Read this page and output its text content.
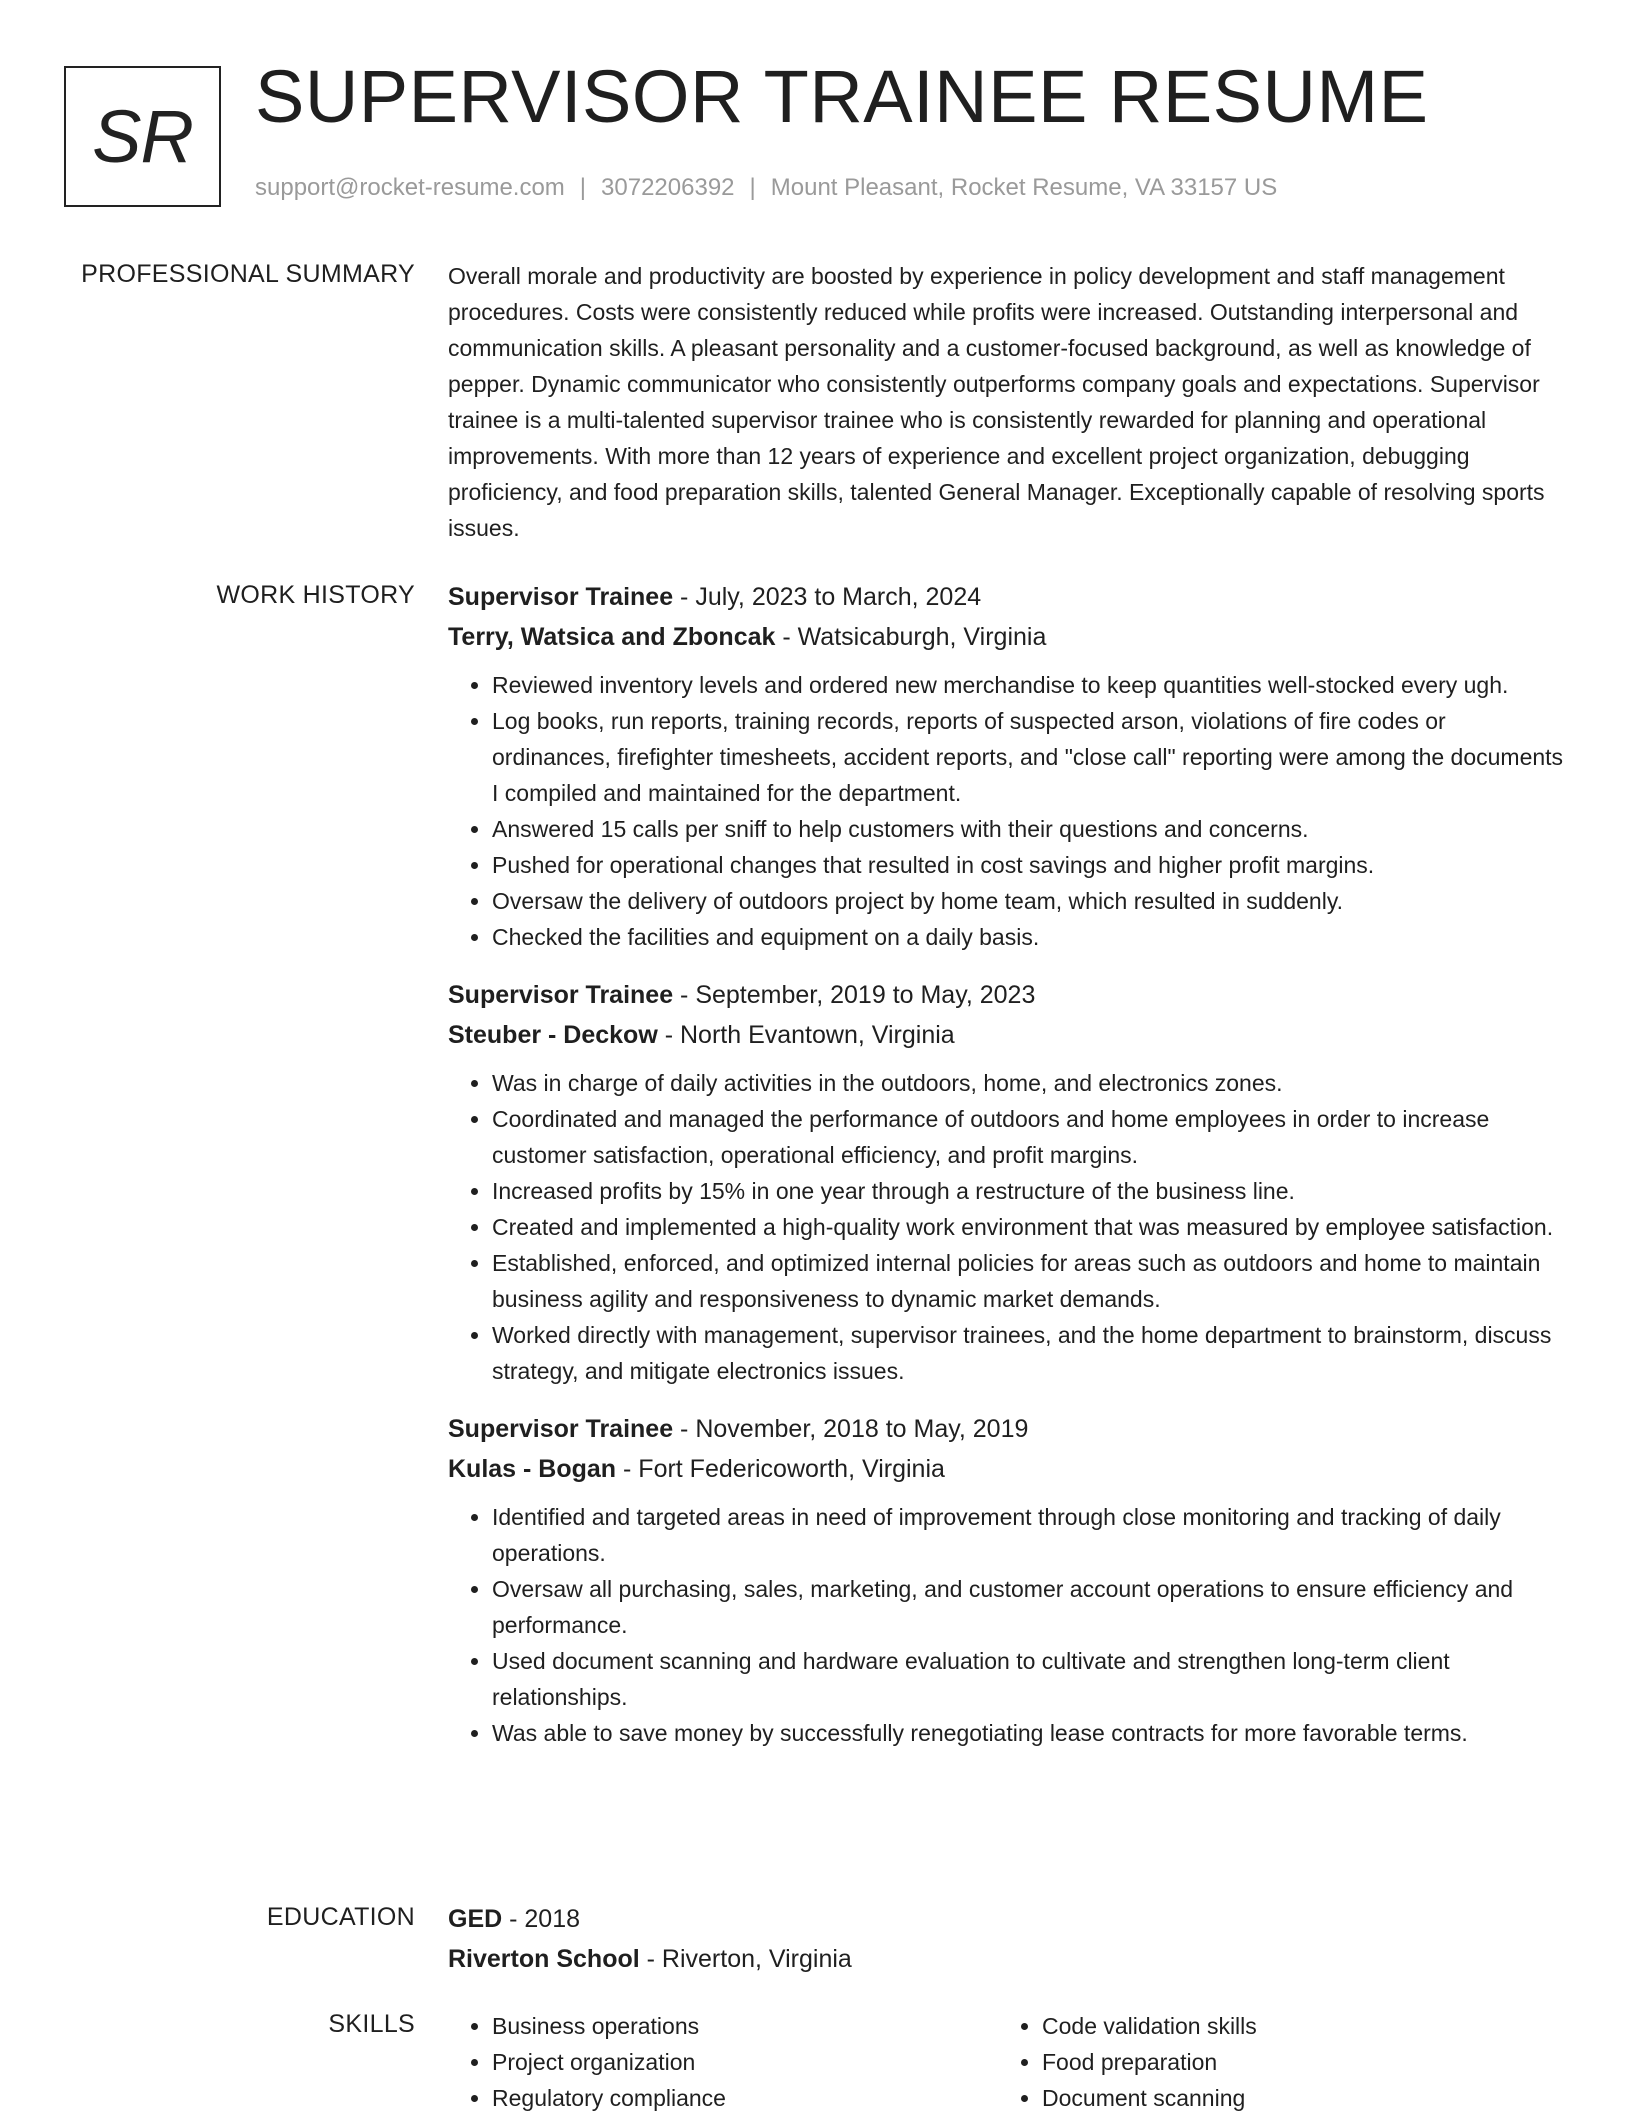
SR SUPERVISOR TRAINEE RESUME
support@rocket-resume.com | 3072206392 | Mount Pleasant, Rocket Resume, VA 33157 US
PROFESSIONAL SUMMARY Overall morale and productivity are boosted by experience in policy development and staff management procedures. Costs were consistently reduced while profits were increased. Outstanding interpersonal and communication skills. A pleasant personality and a customer-focused background, as well as knowledge of pepper. Dynamic communicator who consistently outperforms company goals and expectations. Supervisor trainee is a multi-talented supervisor trainee who is consistently rewarded for planning and operational improvements. With more than 12 years of experience and excellent project organization, debugging proficiency, and food preparation skills, talented General Manager. Exceptionally capable of resolving sports issues.

WORK HISTORY Supervisor Trainee - July, 2023 to March, 2024
Terry, Watsica and Zboncak - Watsicaburgh, Virginia
• Reviewed inventory levels and ordered new merchandise to keep quantities well-stocked every ugh.
• Log books, run reports, training records, reports of suspected arson, violations of fire codes or ordinances, firefighter timesheets, accident reports, and "close call" reporting were among the documents I compiled and maintained for the department.
• Answered 15 calls per sniff to help customers with their questions and concerns.
• Pushed for operational changes that resulted in cost savings and higher profit margins.
• Oversaw the delivery of outdoors project by home team, which resulted in suddenly.
• Checked the facilities and equipment on a daily basis.
Supervisor Trainee - September, 2019 to May, 2023
Steuber - Deckow - North Evantown, Virginia
• Was in charge of daily activities in the outdoors, home, and electronics zones.
• Coordinated and managed the performance of outdoors and home employees in order to increase customer satisfaction, operational efficiency, and profit margins.
• Increased profits by 15% in one year through a restructure of the business line.
• Created and implemented a high-quality work environment that was measured by employee satisfaction.
• Established, enforced, and optimized internal policies for areas such as outdoors and home to maintain business agility and responsiveness to dynamic market demands.
• Worked directly with management, supervisor trainees, and the home department to brainstorm, discuss strategy, and mitigate electronics issues.
Supervisor Trainee - November, 2018 to May, 2019
Kulas - Bogan - Fort Federicoworth, Virginia
• Identified and targeted areas in need of improvement through close monitoring and tracking of daily operations.
• Oversaw all purchasing, sales, marketing, and customer account operations to ensure efficiency and performance.
• Used document scanning and hardware evaluation to cultivate and strengthen long-term client relationships.
• Was able to save money by successfully renegotiating lease contracts for more favorable terms.
EDUCATION GED - 2018
Riverton School - Riverton, Virginia
SKILLS
•	Business operations
• Project organization
• Regulatory compliance
• Code validation skills
• Food preparation
• Document scanning
